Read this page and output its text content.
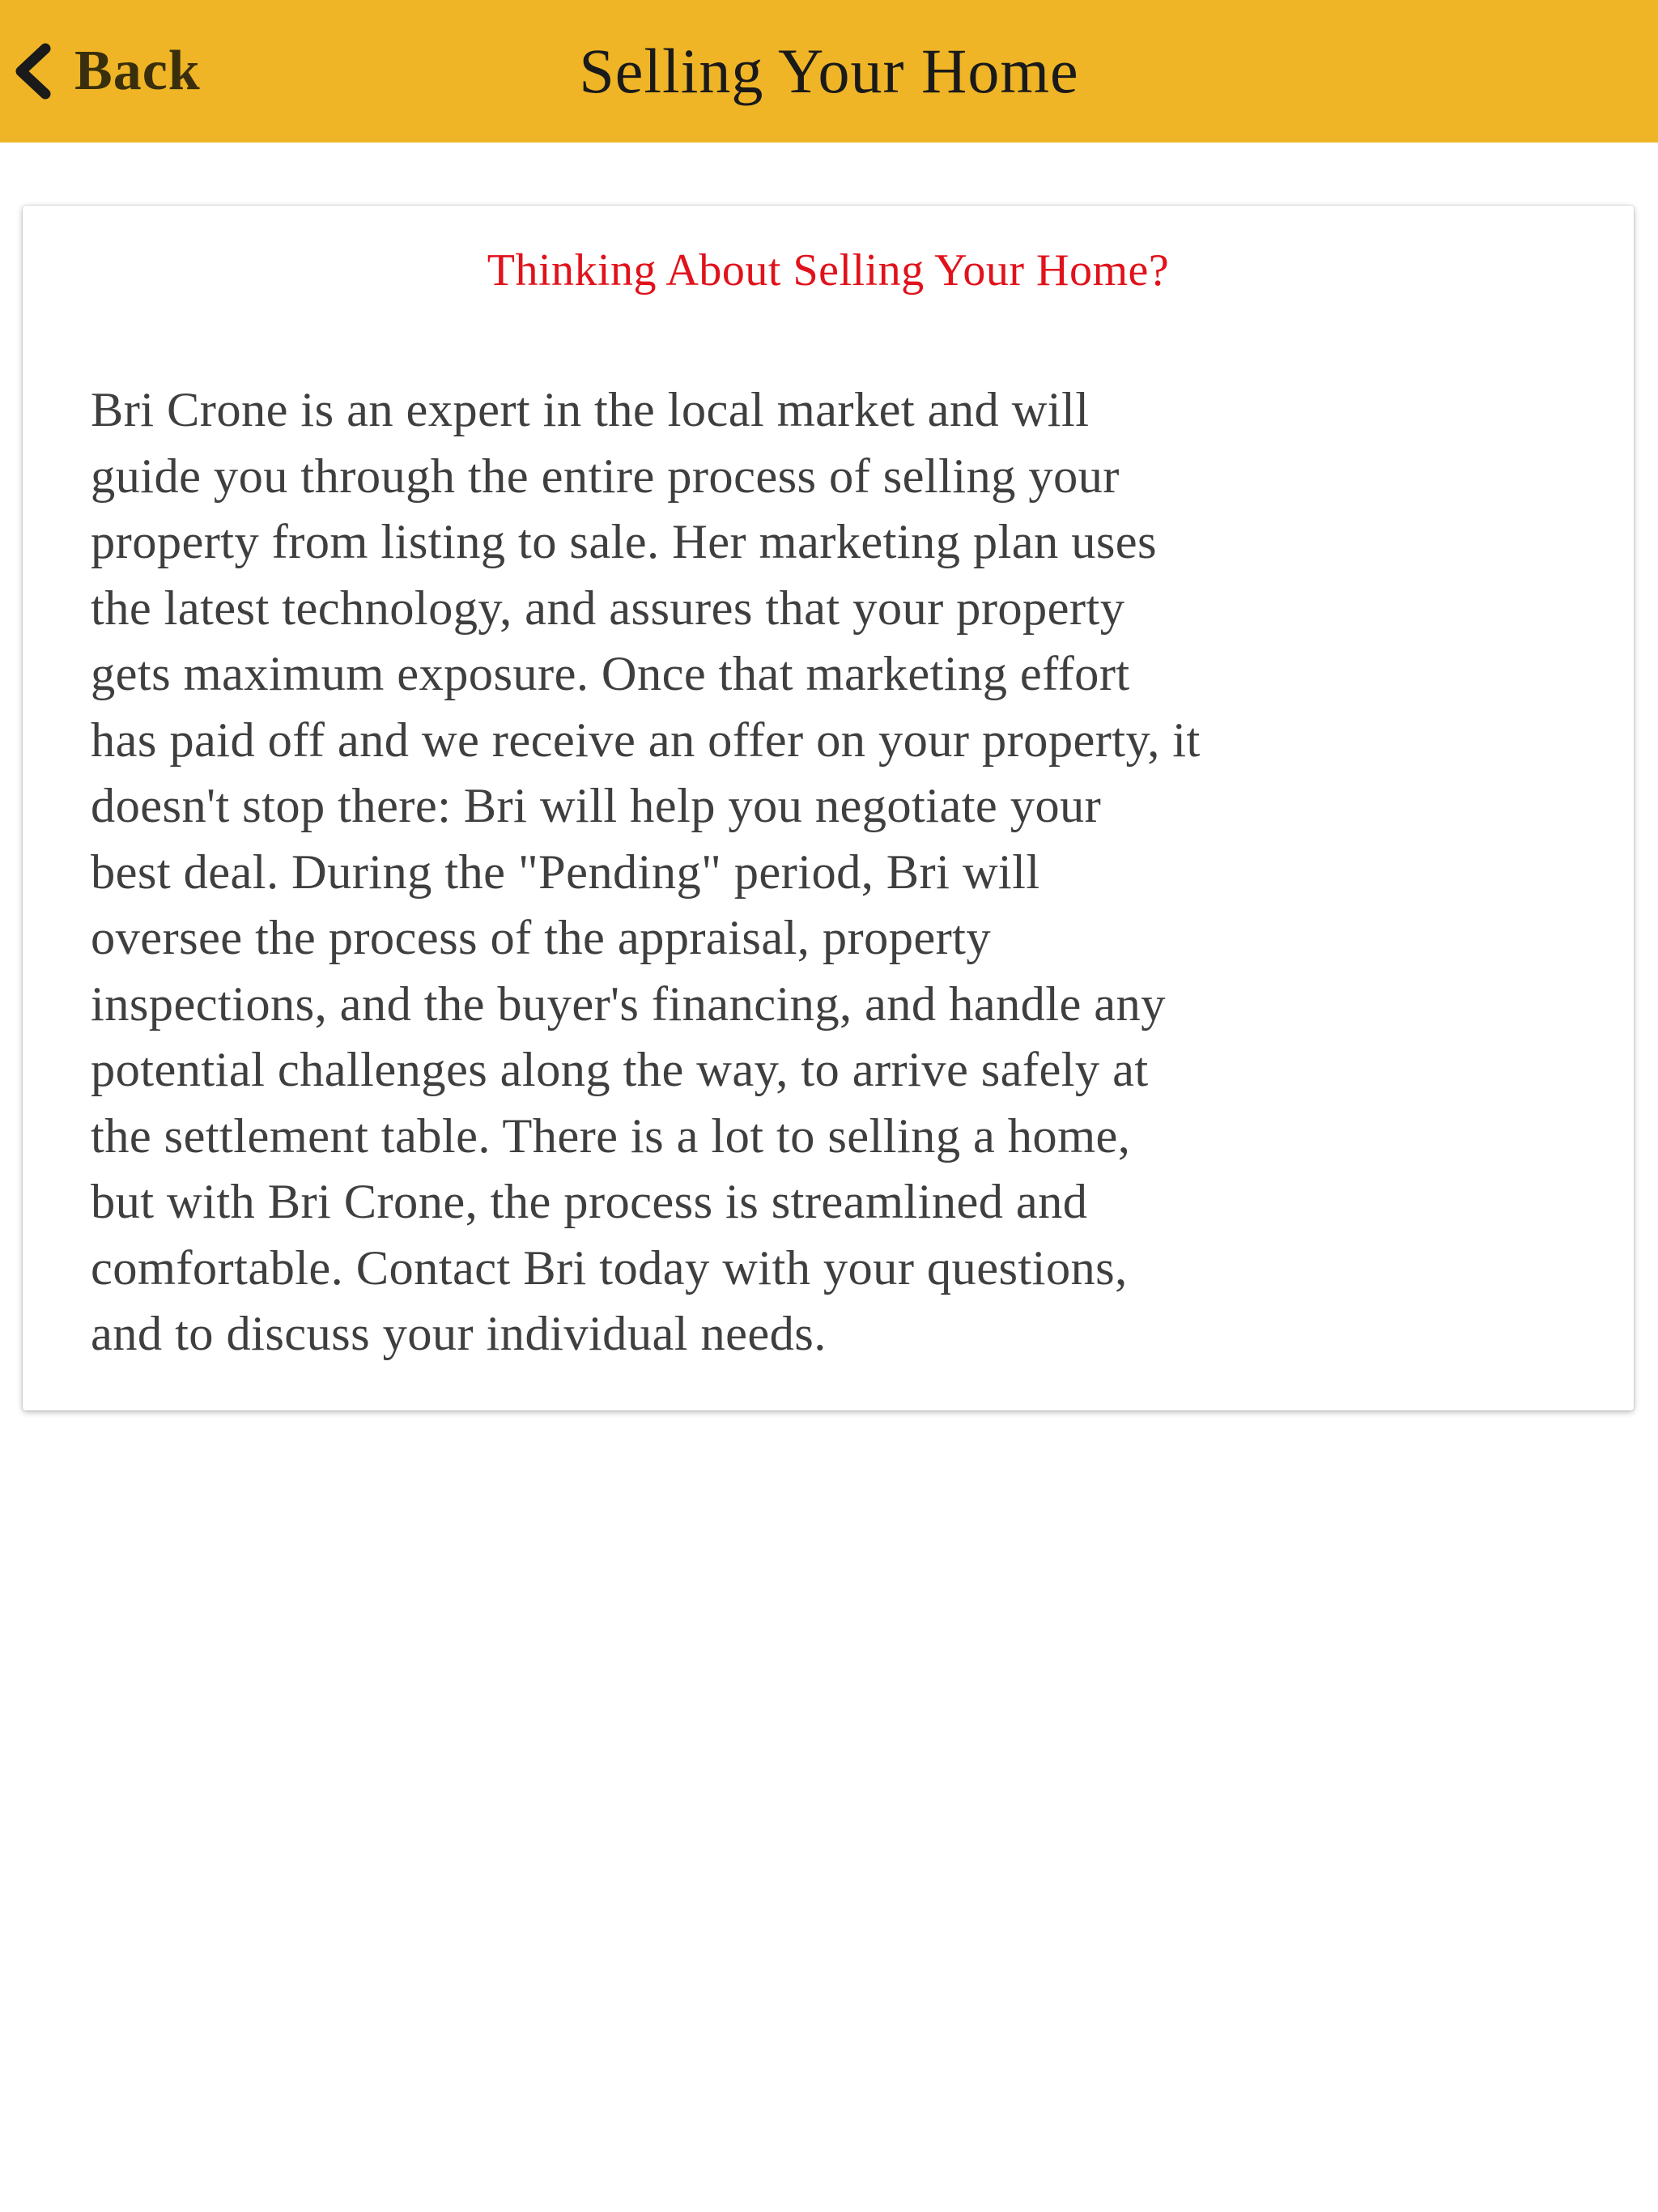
Selling Your Home
Back
Thinking About Selling Your Home?
Bri Crone is an expert in the local market and will
guide you through the entire process of selling your
property from listing to sale. Her marketing plan uses
the latest technology, and assures that your property
gets maximum exposure. Once that marketing effort
has paid off and we receive an offer on your property, it
doesn't stop there: Bri will help you negotiate your
best deal. During the "Pending" period, Bri will
oversee the process of the appraisal, property
inspections, and the buyer's financing, and handle any
potential challenges along the way, to arrive safely at
the settlement table. There is a lot to selling a home,
but with Bri Crone, the process is streamlined and
comfortable. Contact Bri today with your questions,
and to discuss your individual needs.
